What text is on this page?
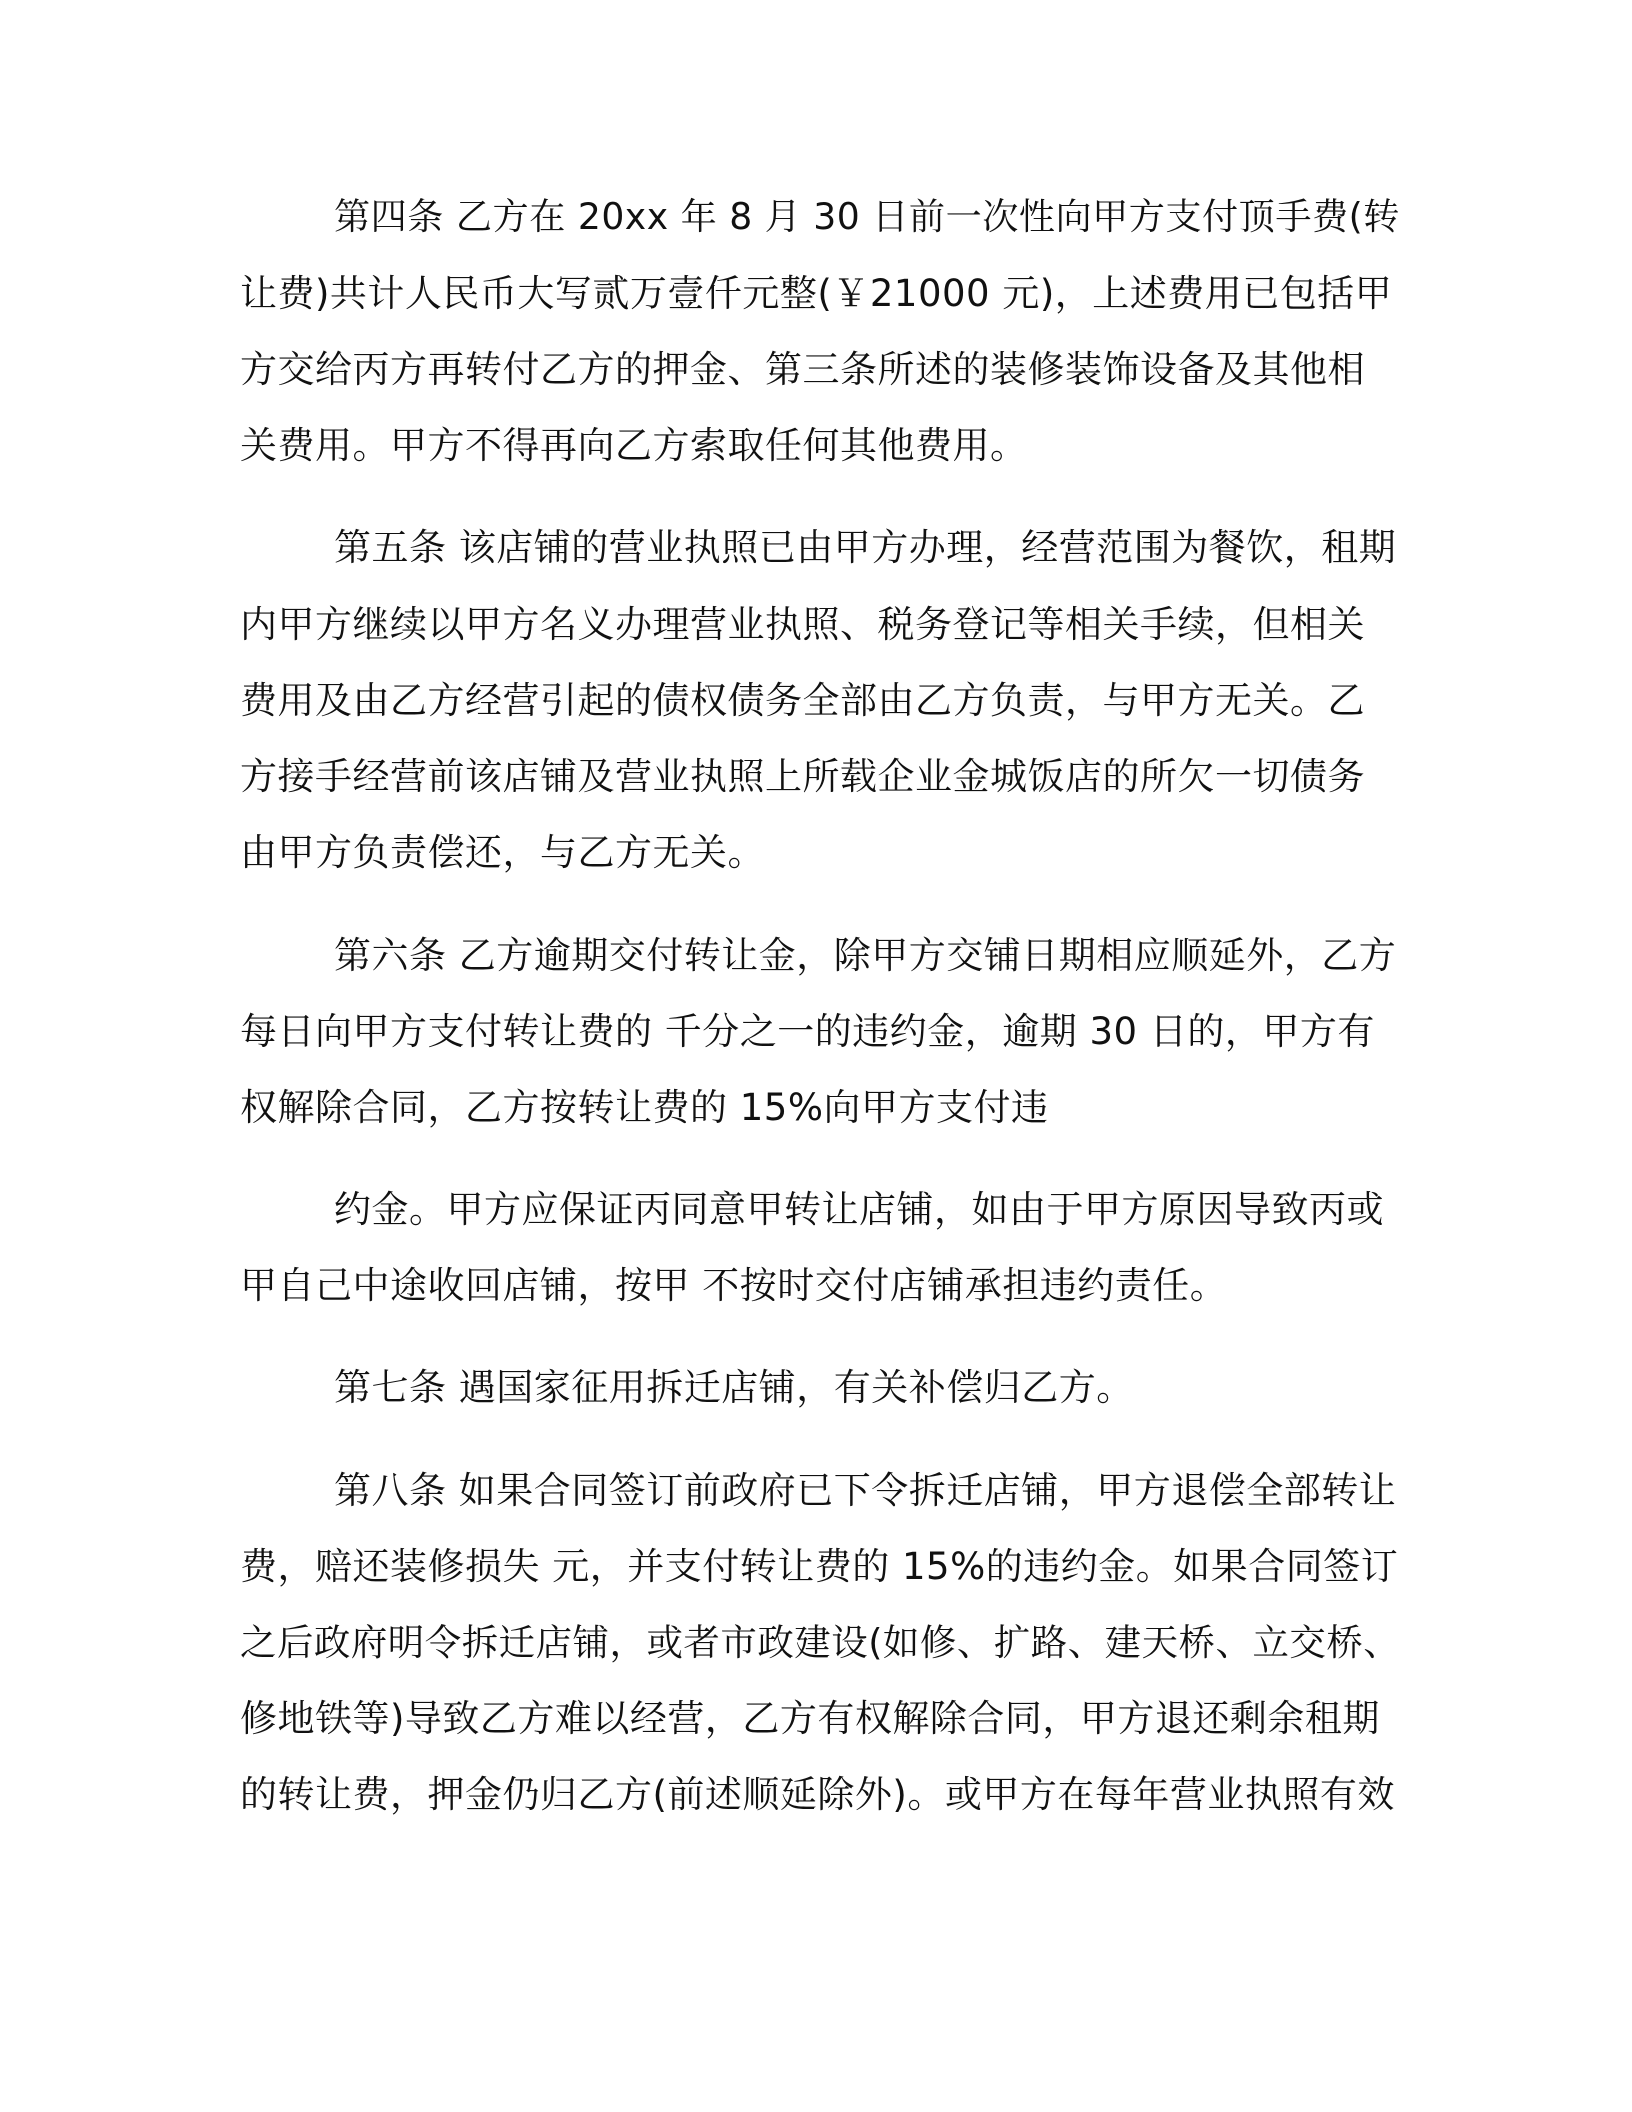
第四条 乙方在 20xx 年 8 月 30 日前一次性向甲方支付顶手费(转
让费)共计人民币大写贰万壹仟元整(￥21000 元)，上述费用已包括甲
方交给丙方再转付乙方的押金、第三条所述的装修装饰设备及其他相
关费用。甲方不得再向乙方索取任何其他费用。
第五条 该店铺的营业执照已由甲方办理，经营范围为餐饮，租期
内甲方继续以甲方名义办理营业执照、税务登记等相关手续，但相关
费用及由乙方经营引起的债权债务全部由乙方负责，与甲方无关。乙
方接手经营前该店铺及营业执照上所载企业金城饭店的所欠一切债务
由甲方负责偿还，与乙方无关。
第六条 乙方逾期交付转让金，除甲方交铺日期相应顺延外，乙方
每日向甲方支付转让费的 千分之一的违约金，逾期 30 日的，甲方有
权解除合同，乙方按转让费的 15%向甲方支付违
约金。甲方应保证丙同意甲转让店铺，如由于甲方原因导致丙或
甲自己中途收回店铺，按甲 不按时交付店铺承担违约责任。
第七条 遇国家征用拆迁店铺，有关补偿归乙方。
第八条 如果合同签订前政府已下令拆迁店铺，甲方退偿全部转让
费，赔还装修损失 元，并支付转让费的 15%的违约金。如果合同签订
之后政府明令拆迁店铺，或者市政建设(如修、扩路、建天桥、立交桥、
修地铁等)导致乙方难以经营，乙方有权解除合同，甲方退还剩余租期
的转让费，押金仍归乙方(前述顺延除外)。或甲方在每年营业执照有效
